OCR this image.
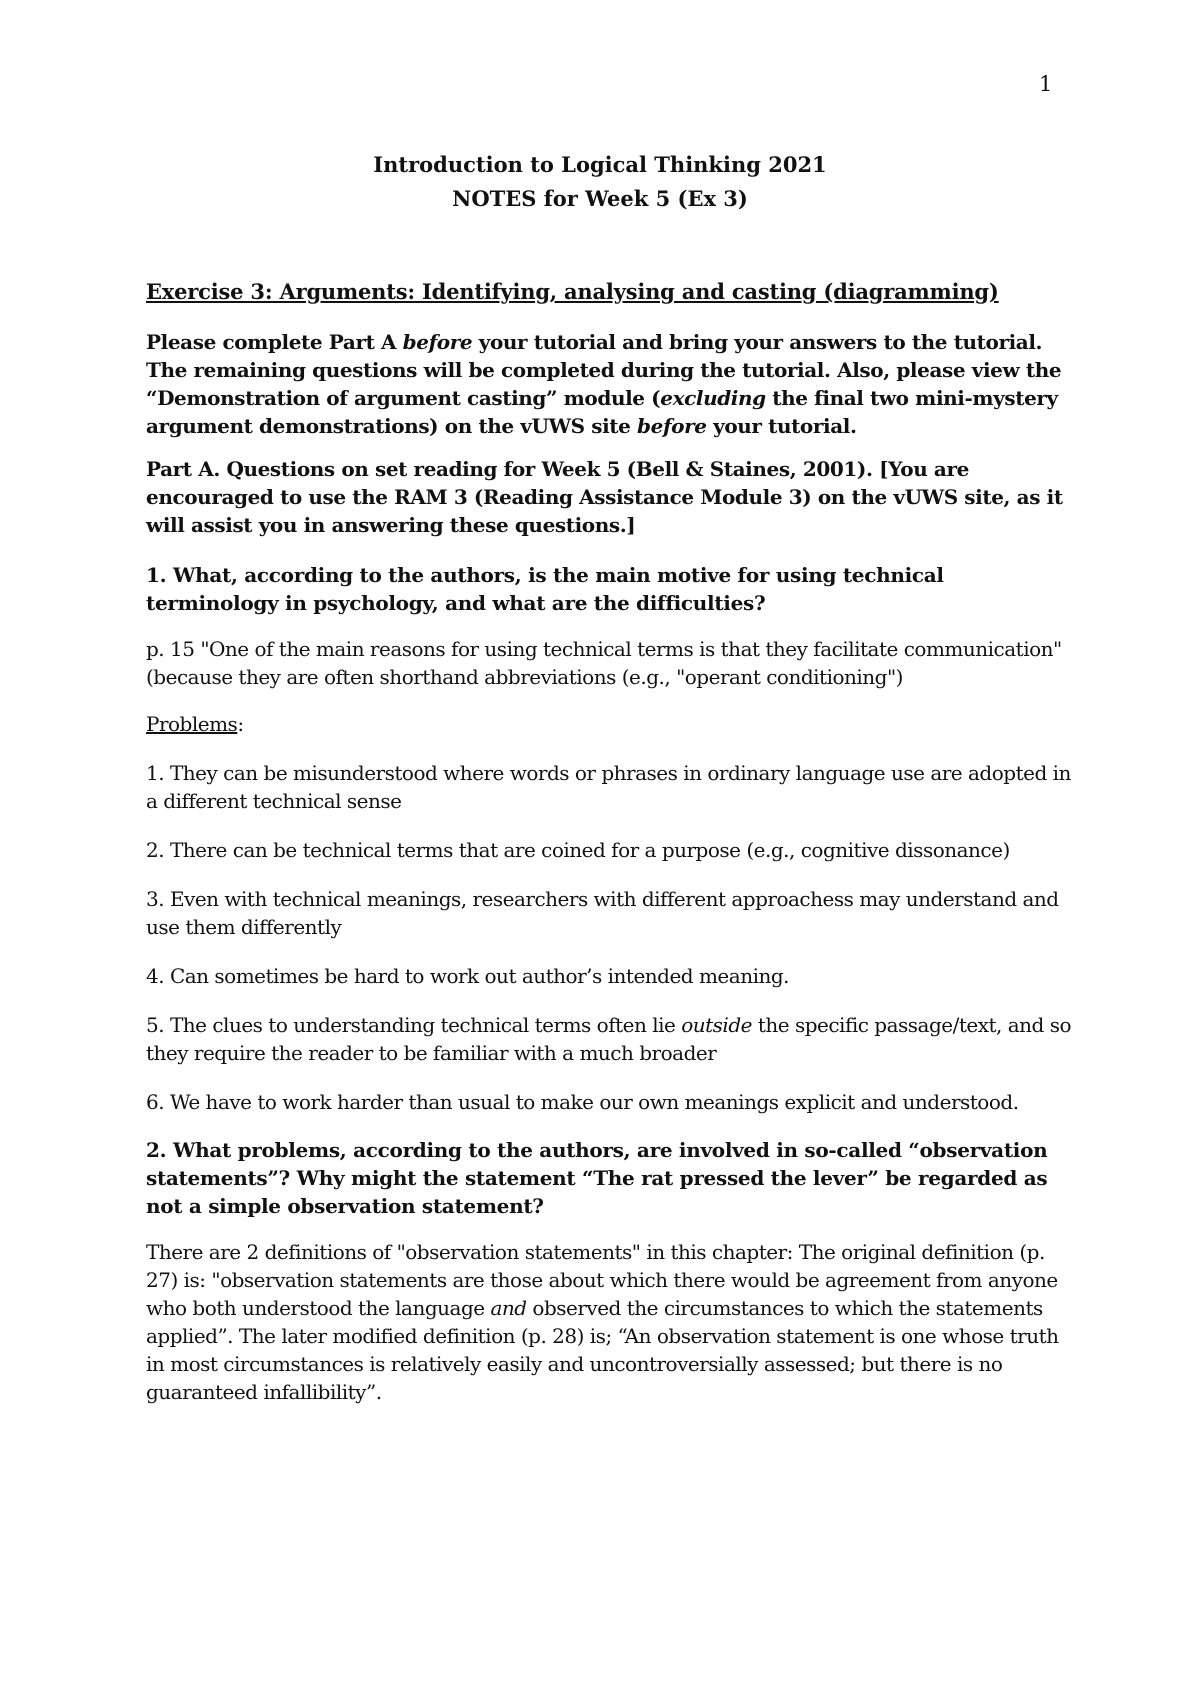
1
Introduction to Logical Thinking 2021
NOTES for Week 5 (Ex 3)

Exercise 3: Arguments: Identifying, analysing and casting (diagramming)

Please complete Part A before your tutorial and bring your answers to the tutorial. The remaining questions will be completed during the tutorial. Also, please view the “Demonstration of argument casting” module (excluding the final two mini-mystery argument demonstrations) on the vUWS site before your tutorial.

Part A. Questions on set reading for Week 5 (Bell & Staines, 2001). [You are encouraged to use the RAM 3 (Reading Assistance Module 3) on the vUWS site, as it will assist you in answering these questions.]

1. What, according to the authors, is the main motive for using technical terminology in psychology, and what are the difficulties?

p. 15 "One of the main reasons for using technical terms is that they facilitate communication" (because they are often shorthand abbreviations (e.g., "operant conditioning")

Problems:

1. They can be misunderstood where words or phrases in ordinary language use are adopted in a different technical sense

2. There can be technical terms that are coined for a purpose (e.g., cognitive dissonance)

3. Even with technical meanings, researchers with different approachess may understand and use them differently

4. Can sometimes be hard to work out author’s intended meaning.

5. The clues to understanding technical terms often lie outside the specific passage/text, and so they require the reader to be familiar with a much broader

6. We have to work harder than usual to make our own meanings explicit and understood.

2. What problems, according to the authors, are involved in so-called “observation statements”? Why might the statement “The rat pressed the lever” be regarded as not a simple observation statement?

There are 2 definitions of "observation statements" in this chapter: The original definition (p. 27) is: "observation statements are those about which there would be agreement from anyone who both understood the language and observed the circumstances to which the statements applied”. The later modified definition (p. 28) is; “An observation statement is one whose truth in most circumstances is relatively easily and uncontroversially assessed; but there is no guaranteed infallibility”.
